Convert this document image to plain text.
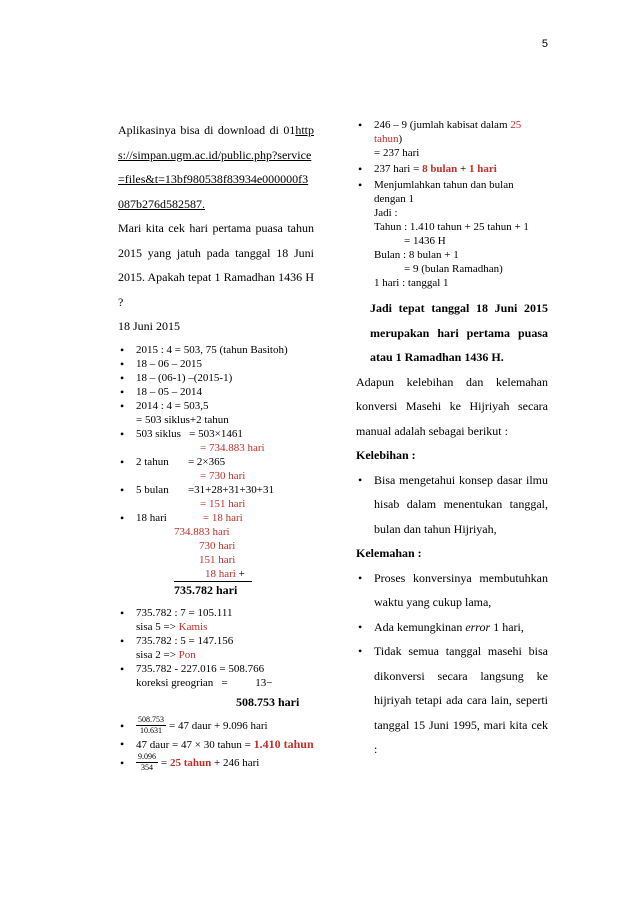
5

Aplikasinya bisa di download di 01https://simpan.ugm.ac.id/public.php?service=files&t=13bf980538f83934e000000f3087b276d582587.

Mari kita cek hari pertama puasa tahun 2015 yang jatuh pada tanggal 18 Juni 2015. Apakah tepat 1 Ramadhan 1436 H ?

18 Juni 2015

• 2015 : 4 = 503, 75 (tahun Basitoh)

• 18 – 06 – 2015

• 18 – (06-1) –(2015-1)

• 18 – 05 – 2014

• 2014 : 4 = 503,5
= 503 siklus+2 tahun

• 503 siklus   = 503×1461
= 734.883 hari

• 2 tahun       = 2×365
= 730 hari

• 5 bulan       =31+28+31+30+31
= 151 hari

• 18 hari        = 18 hari

734.883 hari
730 hari
151 hari
18 hari +
735.782 hari

• 735.782 : 7 = 105.111
sisa 5 => Kamis

• 735.782 : 5 = 147.156
sisa 2 => Pon

• 735.782 - 227.016 = 508.766
koreksi greogrian   =          13−
508.753 hari

• $\frac{508.753}{10.631} = 47$ daur + 9.096 hari

• 47 daur = 47 × 30 tahun = 1.410 tahun

• $\frac{9.096}{354} = 25$ tahun + 246 hari

• 246 – 9 (jumlah kabisat dalam 25 tahun)
= 237 hari

• 237 hari = 8 bulan + 1 hari

• Menjumlahkan tahun dan bulan dengan 1
Jadi :
Tahun : 1.410 tahun + 25 tahun + 1
= 1436 H
Bulan : 8 bulan + 1
= 9 (bulan Ramadhan)
1 hari : tanggal 1

Jadi tepat tanggal 18 Juni 2015 merupakan hari pertama puasa atau 1 Ramadhan 1436 H.

Adapun kelebihan dan kelemahan konversi Masehi ke Hijriyah secara manual adalah sebagai berikut :

Kelebihan :

• Bisa mengetahui konsep dasar ilmu hisab dalam menentukan tanggal, bulan dan tahun Hijriyah,

Kelemahan :

• Proses konversinya membutuhkan waktu yang cukup lama,

• Ada kemungkinan error 1 hari,

• Tidak semua tanggal masehi bisa dikonversi secara langsung ke hijriyah tetapi ada cara lain, seperti tanggal 15 Juni 1995, mari kita cek :
